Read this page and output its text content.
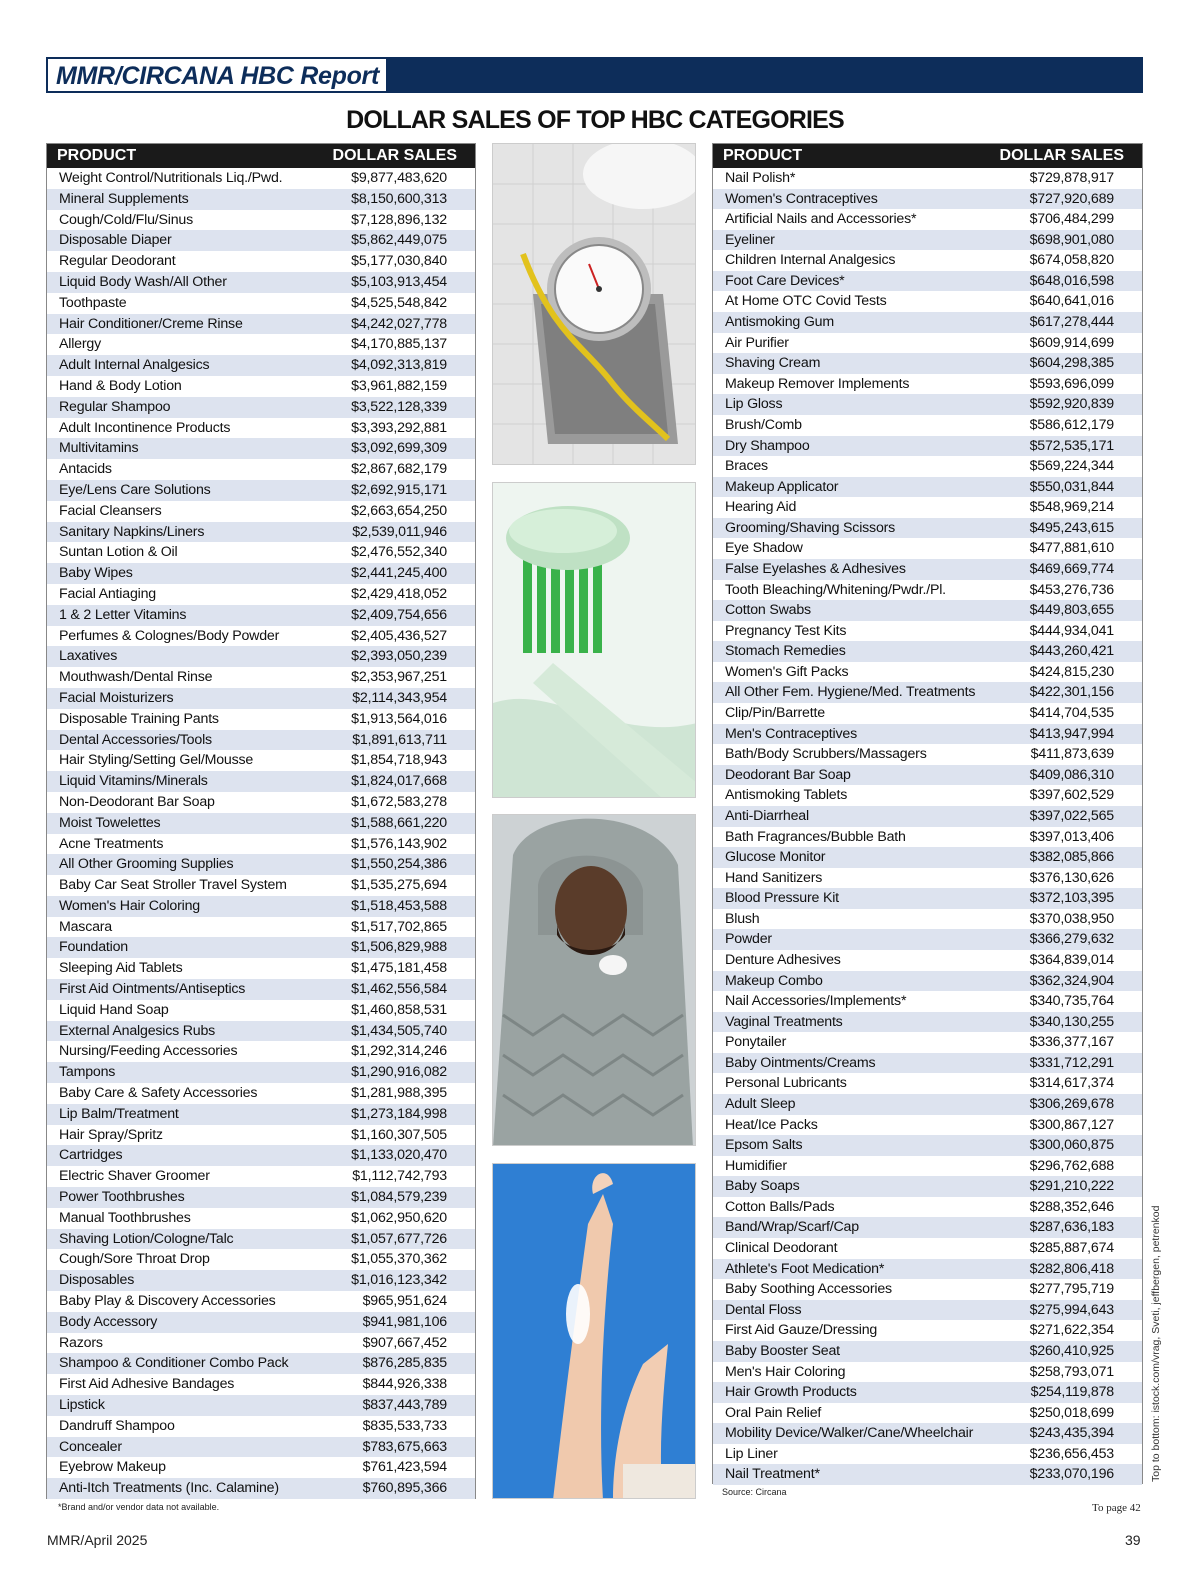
MMR/CIRCANA HBC Report
DOLLAR SALES OF TOP HBC CATEGORIES
PRODUCT	DOLLAR SALES
Weight Control/Nutritionals Liq./Pwd.	$9,877,483,620
Mineral Supplements	$8,150,600,313
Cough/Cold/Flu/Sinus	$7,128,896,132
Disposable Diaper	$5,862,449,075
Regular Deodorant	$5,177,030,840
Liquid Body Wash/All Other	$5,103,913,454
Toothpaste	$4,525,548,842
Hair Conditioner/Creme Rinse	$4,242,027,778
Allergy	$4,170,885,137
Adult Internal Analgesics	$4,092,313,819
Hand & Body Lotion	$3,961,882,159
Regular Shampoo	$3,522,128,339
Adult Incontinence Products	$3,393,292,881
Multivitamins	$3,092,699,309
Antacids	$2,867,682,179
Eye/Lens Care Solutions	$2,692,915,171
Facial Cleansers	$2,663,654,250
Sanitary Napkins/Liners	$2,539,011,946
Suntan Lotion & Oil	$2,476,552,340
Baby Wipes	$2,441,245,400
Facial Antiaging	$2,429,418,052
1 & 2 Letter Vitamins	$2,409,754,656
Perfumes & Colognes/Body Powder	$2,405,436,527
Laxatives	$2,393,050,239
Mouthwash/Dental Rinse	$2,353,967,251
Facial Moisturizers	$2,114,343,954
Disposable Training Pants	$1,913,564,016
Dental Accessories/Tools	$1,891,613,711
Hair Styling/Setting Gel/Mousse	$1,854,718,943
Liquid Vitamins/Minerals	$1,824,017,668
Non-Deodorant Bar Soap	$1,672,583,278
Moist Towelettes	$1,588,661,220
Acne Treatments	$1,576,143,902
All Other Grooming Supplies	$1,550,254,386
Baby Car Seat Stroller Travel System	$1,535,275,694
Women's Hair Coloring	$1,518,453,588
Mascara	$1,517,702,865
Foundation	$1,506,829,988
Sleeping Aid Tablets	$1,475,181,458
First Aid Ointments/Antiseptics	$1,462,556,584
Liquid Hand Soap	$1,460,858,531
External Analgesics Rubs	$1,434,505,740
Nursing/Feeding Accessories	$1,292,314,246
Tampons	$1,290,916,082
Baby Care & Safety Accessories	$1,281,988,395
Lip Balm/Treatment	$1,273,184,998
Hair Spray/Spritz	$1,160,307,505
Cartridges	$1,133,020,470
Electric Shaver Groomer	$1,112,742,793
Power Toothbrushes	$1,084,579,239
Manual Toothbrushes	$1,062,950,620
Shaving Lotion/Cologne/Talc	$1,057,677,726
Cough/Sore Throat Drop	$1,055,370,362
Disposables	$1,016,123,342
Baby Play & Discovery Accessories	$965,951,624
Body Accessory	$941,981,106
Razors	$907,667,452
Shampoo & Conditioner Combo Pack	$876,285,835
First Aid Adhesive Bandages	$844,926,338
Lipstick	$837,443,789
Dandruff Shampoo	$835,533,733
Concealer	$783,675,663
Eyebrow Makeup	$761,423,594
Anti-Itch Treatments (Inc. Calamine)	$760,895,366
PRODUCT	DOLLAR SALES
Nail Polish*	$729,878,917
Women's Contraceptives	$727,920,689
Artificial Nails and Accessories*	$706,484,299
Eyeliner	$698,901,080
Children Internal Analgesics	$674,058,820
Foot Care Devices*	$648,016,598
At Home OTC Covid Tests	$640,641,016
Antismoking Gum	$617,278,444
Air Purifier	$609,914,699
Shaving Cream	$604,298,385
Makeup Remover Implements	$593,696,099
Lip Gloss	$592,920,839
Brush/Comb	$586,612,179
Dry Shampoo	$572,535,171
Braces	$569,224,344
Makeup Applicator	$550,031,844
Hearing Aid	$548,969,214
Grooming/Shaving Scissors	$495,243,615
Eye Shadow	$477,881,610
False Eyelashes & Adhesives	$469,669,774
Tooth Bleaching/Whitening/Pwdr./Pl.	$453,276,736
Cotton Swabs	$449,803,655
Pregnancy Test Kits	$444,934,041
Stomach Remedies	$443,260,421
Women's Gift Packs	$424,815,230
All Other Fem. Hygiene/Med. Treatments	$422,301,156
Clip/Pin/Barrette	$414,704,535
Men's Contraceptives	$413,947,994
Bath/Body Scrubbers/Massagers	$411,873,639
Deodorant Bar Soap	$409,086,310
Antismoking Tablets	$397,602,529
Anti-Diarrheal	$397,022,565
Bath Fragrances/Bubble Bath	$397,013,406
Glucose Monitor	$382,085,866
Hand Sanitizers	$376,130,626
Blood Pressure Kit	$372,103,395
Blush	$370,038,950
Powder	$366,279,632
Denture Adhesives	$364,839,014
Makeup Combo	$362,324,904
Nail Accessories/Implements*	$340,735,764
Vaginal Treatments	$340,130,255
Ponytailer	$336,377,167
Baby Ointments/Creams	$331,712,291
Personal Lubricants	$314,617,374
Adult Sleep	$306,269,678
Heat/Ice Packs	$300,867,127
Epsom Salts	$300,060,875
Humidifier	$296,762,688
Baby Soaps	$291,210,222
Cotton Balls/Pads	$288,352,646
Band/Wrap/Scarf/Cap	$287,636,183
Clinical Deodorant	$285,887,674
Athlete's Foot Medication*	$282,806,418
Baby Soothing Accessories	$277,795,719
Dental Floss	$275,994,643
First Aid Gauze/Dressing	$271,622,354
Baby Booster Seat	$260,410,925
Men's Hair Coloring	$258,793,071
Hair Growth Products	$254,119,878
Oral Pain Relief	$250,018,699
Mobility Device/Walker/Cane/Wheelchair	$243,435,394
Lip Liner	$236,656,453
Nail Treatment*	$233,070,196
*Brand and/or vendor data not available.
Source: Circana
To page 42
MMR/April 2025	39
Top to bottom: istock.com/vrag, Sveti, jeffbergen, petrenkod
